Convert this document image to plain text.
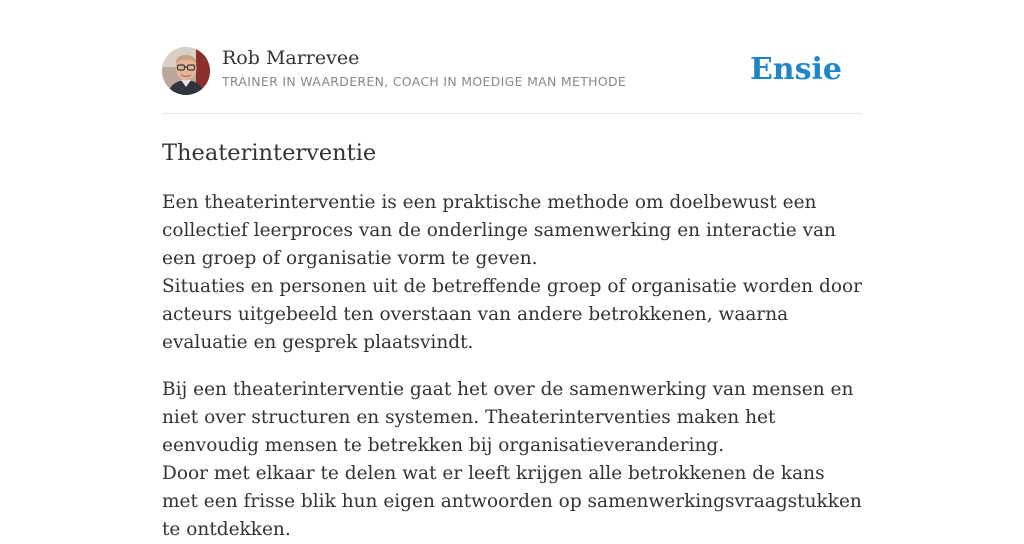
Rob Marrevee
TRAINER IN WAARDEREN, COACH IN MOEDIGE MAN METHODE	Ensie
Theaterinterventie

Een theaterinterventie is een praktische methode om doelbewust een collectief leerproces van de onderlinge samenwerking en interactie van een groep of organisatie vorm te geven.
Situaties en personen uit de betreffende groep of organisatie worden door acteurs uitgebeeld ten overstaan van andere betrokkenen, waarna evaluatie en gesprek plaatsvindt.

Bij een theaterinterventie gaat het over de samenwerking van mensen en niet over structuren en systemen. Theaterinterventies maken het eenvoudig mensen te betrekken bij organisatieverandering.
Door met elkaar te delen wat er leeft krijgen alle betrokkenen de kans met een frisse blik hun eigen antwoorden op samenwerkingsvraagstukken te ontdekken.
